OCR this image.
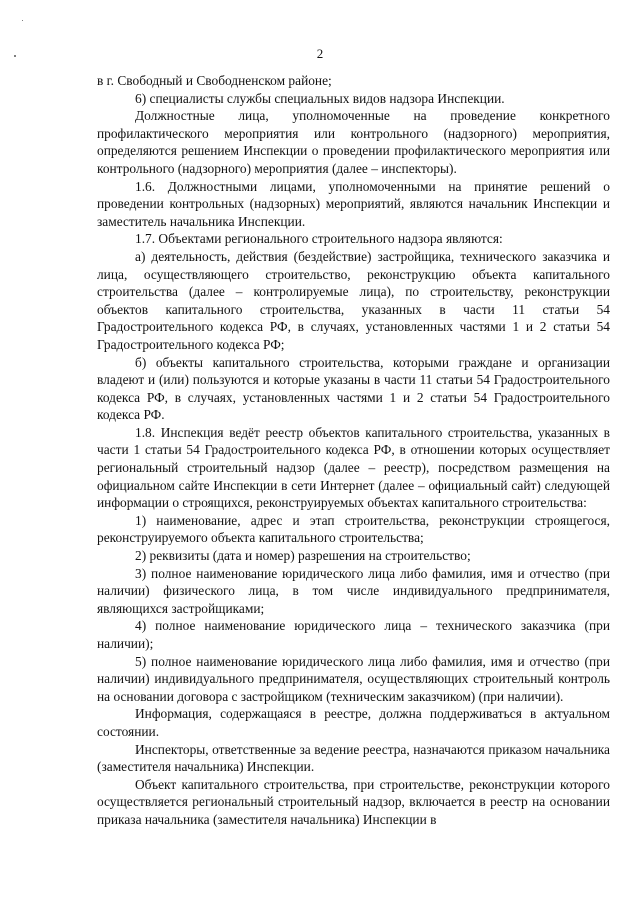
2

в г. Свободный и Свободненском районе;

6) специалисты службы специальных видов надзора Инспекции.

Должностные лица, уполномоченные на проведение конкретного профилактического мероприятия или контрольного (надзорного) мероприятия, определяются решением Инспекции о проведении профилактического мероприятия или контрольного (надзорного) мероприятия (далее – инспекторы).

1.6. Должностными лицами, уполномоченными на принятие решений о проведении контрольных (надзорных) мероприятий, являются начальник Инспекции и заместитель начальника Инспекции.

1.7. Объектами регионального строительного надзора являются:

а) деятельность, действия (бездействие) застройщика, технического заказчика и лица, осуществляющего строительство, реконструкцию объекта капитального строительства (далее – контролируемые лица), по строительству, реконструкции объектов капитального строительства, указанных в части 11 статьи 54 Градостроительного кодекса РФ, в случаях, установленных частями 1 и 2 статьи 54 Градостроительного кодекса РФ;

б) объекты капитального строительства, которыми граждане и организации владеют и (или) пользуются и которые указаны в части 11 статьи 54 Градостроительного кодекса РФ, в случаях, установленных частями 1 и 2 статьи 54 Градостроительного кодекса РФ.

1.8. Инспекция ведёт реестр объектов капитального строительства, указанных в части 1 статьи 54 Градостроительного кодекса РФ, в отношении которых осуществляет региональный строительный надзор (далее – реестр), посредством размещения на официальном сайте Инспекции в сети Интернет (далее – официальный сайт) следующей информации о строящихся, реконструируемых объектах капитального строительства:

1) наименование, адрес и этап строительства, реконструкции строящегося, реконструируемого объекта капитального строительства;

2) реквизиты (дата и номер) разрешения на строительство;

3) полное наименование юридического лица либо фамилия, имя и отчество (при наличии) физического лица, в том числе индивидуального предпринимателя, являющихся застройщиками;

4) полное наименование юридического лица – технического заказчика (при наличии);

5) полное наименование юридического лица либо фамилия, имя и отчество (при наличии) индивидуального предпринимателя, осуществляющих строительный контроль на основании договора с застройщиком (техническим заказчиком) (при наличии).

Информация, содержащаяся в реестре, должна поддерживаться в актуальном состоянии.

Инспекторы, ответственные за ведение реестра, назначаются приказом начальника (заместителя начальника) Инспекции.

Объект капитального строительства, при строительстве, реконструкции которого осуществляется региональный строительный надзор, включается в реестр на основании приказа начальника (заместителя начальника) Инспекции в
